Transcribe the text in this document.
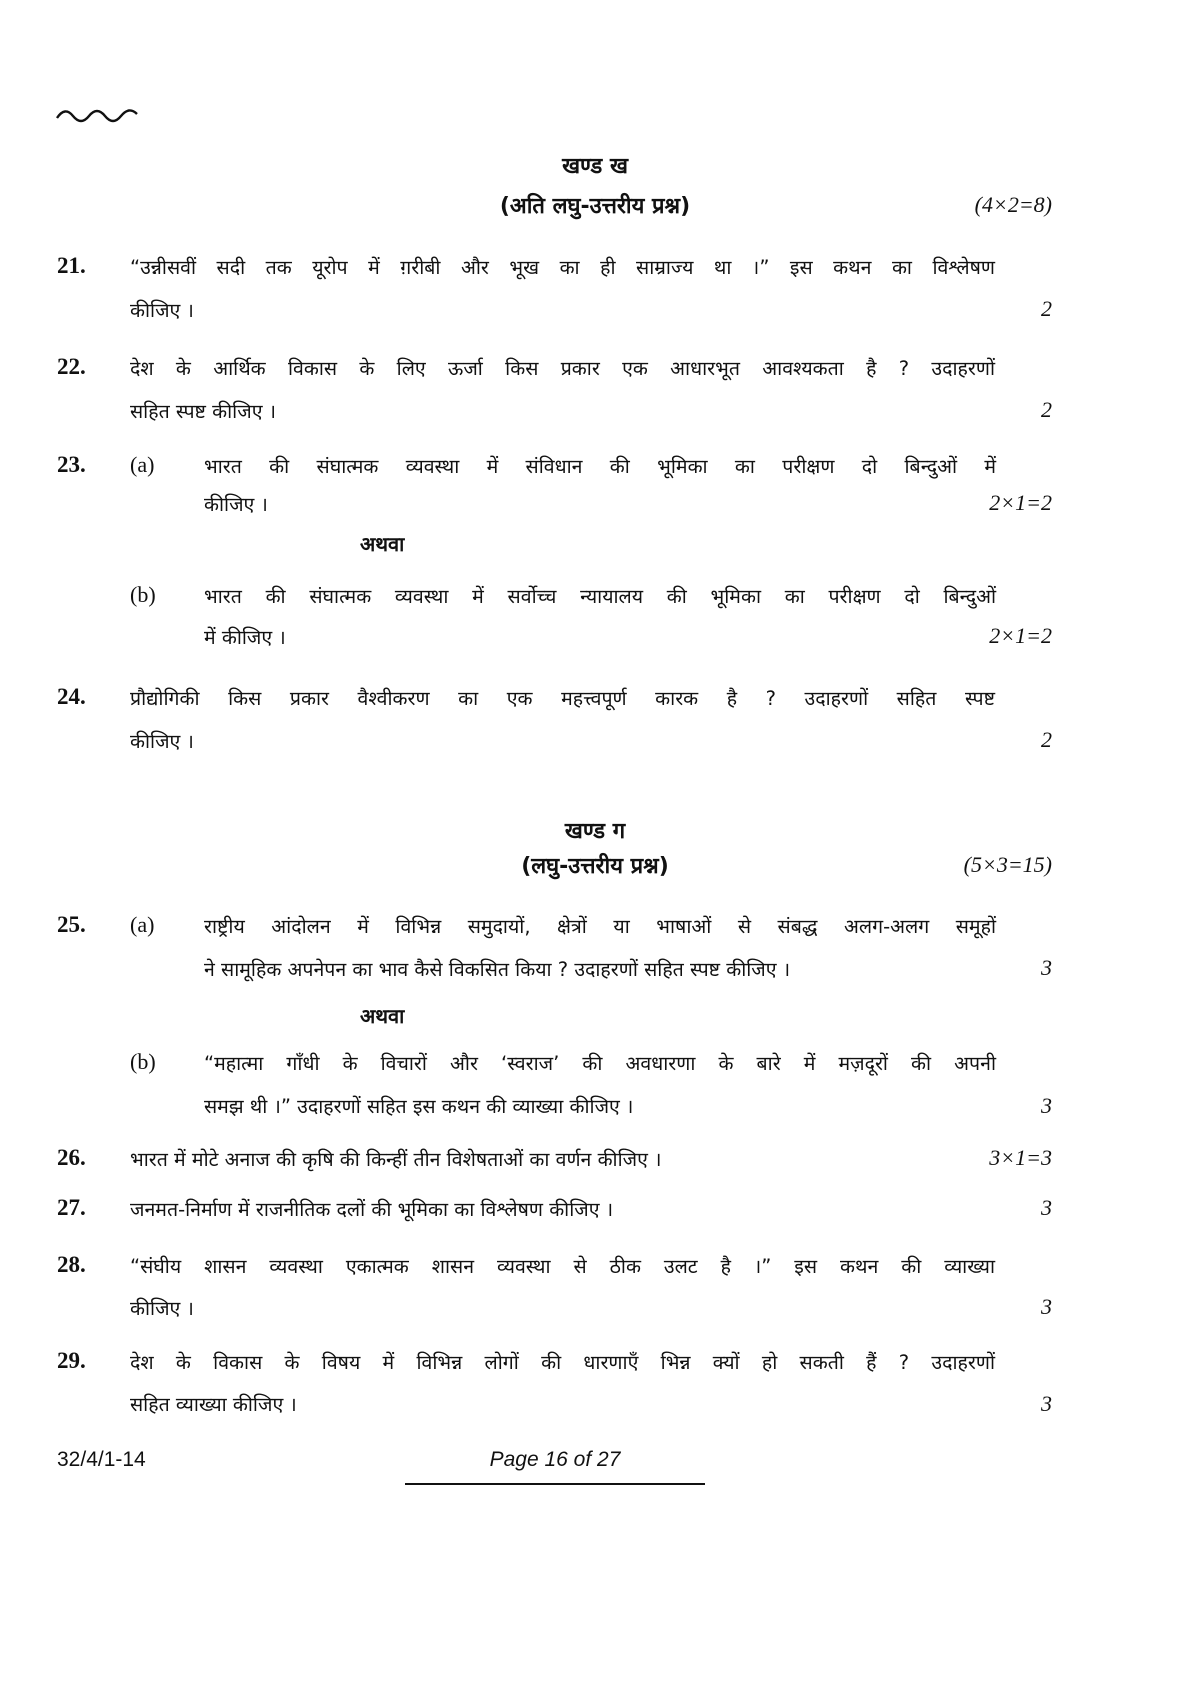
खण्ड ख
(अति लघु-उत्तरीय प्रश्न)	(4×2=8)
21. “उन्नीसवीं सदी तक यूरोप में ग़रीबी और भूख का ही साम्राज्य था ।” इस कथन का विश्लेषण
कीजिए ।	2
22. देश के आर्थिक विकास के लिए ऊर्जा किस प्रकार एक आधारभूत आवश्यकता है ? उदाहरणों
सहित स्पष्ट कीजिए ।	2
23. (a)	भारत की संघात्मक व्यवस्था में संविधान की भूमिका का परीक्षण दो बिन्दुओं में
कीजिए ।	2×1=2
अथवा
(b) भारत की संघात्मक व्यवस्था में सर्वोच्च न्यायालय की भूमिका का परीक्षण दो बिन्दुओं
में कीजिए ।	2×1=2
24. प्रौद्योगिकी किस प्रकार वैश्वीकरण का एक महत्त्वपूर्ण कारक है ? उदाहरणों सहित स्पष्ट
कीजिए ।	2
खण्ड ग
(लघु-उत्तरीय प्रश्न)	(5×3=15)
25. (a)	राष्ट्रीय आंदोलन में विभिन्न समुदायों, क्षेत्रों या भाषाओं से संबद्ध अलग-अलग समूहों
ने सामूहिक अपनेपन का भाव कैसे विकसित किया ? उदाहरणों सहित स्पष्ट कीजिए ।	3
अथवा
(b) “महात्मा गाँधी के विचारों और ‘स्वराज’ की अवधारणा के बारे में मज़दूरों की अपनी
समझ थी ।” उदाहरणों सहित इस कथन की व्याख्या कीजिए ।	3
26. भारत में मोटे अनाज की कृषि की किन्हीं तीन विशेषताओं का वर्णन कीजिए ।	3×1=3
27. जनमत-निर्माण में राजनीतिक दलों की भूमिका का विश्लेषण कीजिए ।	3
28. “संघीय शासन व्यवस्था एकात्मक शासन व्यवस्था से ठीक उलट है ।” इस कथन की व्याख्या
कीजिए ।	3
29. देश के विकास के विषय में विभिन्न लोगों की धारणाएँ भिन्न क्यों हो सकती हैं ? उदाहरणों
सहित व्याख्या कीजिए ।	3
32/4/1-14	Page 16 of 27
